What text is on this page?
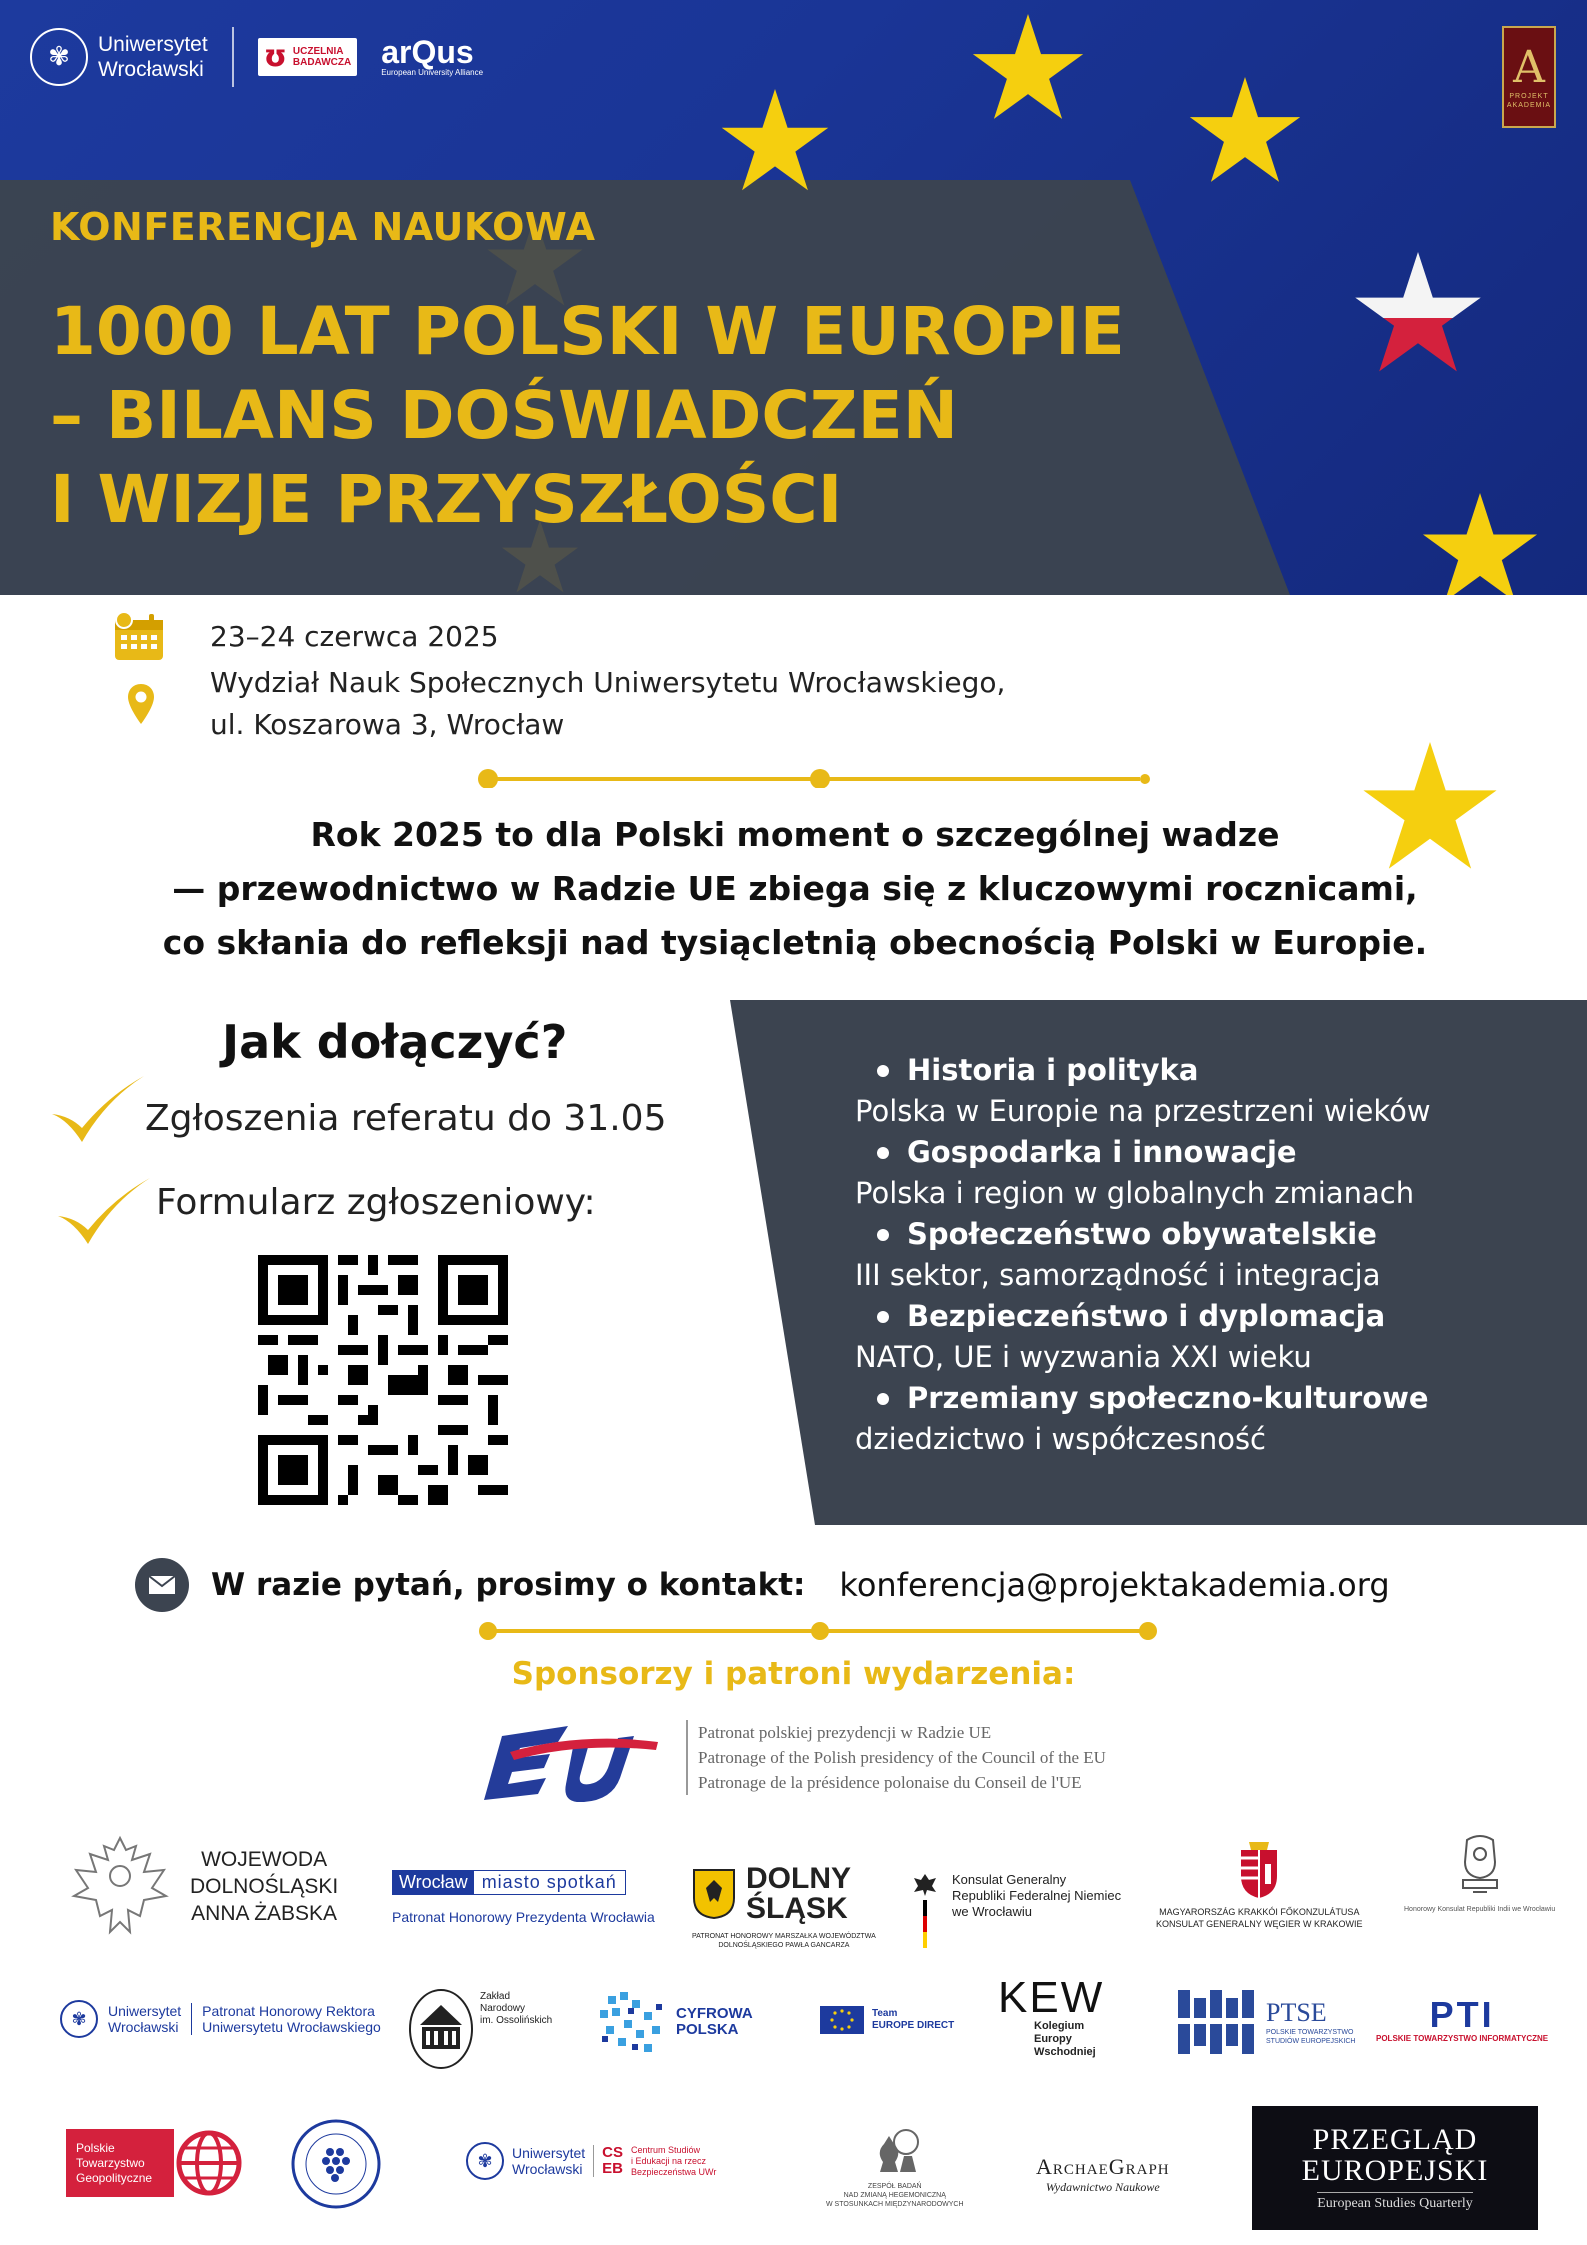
✾	Uniwersytet
Wrocławski ʊ UCZELNIA
BADAWCZA arQus
European University Alliance	A
PROJEKT AKADEMIA
KONFERENCJA NAUKOWA
1000 LAT POLSKI W EUROPIE
– BILANS DOŚWIADCZEŃ
I WIZJE PRZYSZŁOŚCI
23–24 czerwca 2025
Wydział Nauk Społecznych Uniwersytetu Wrocławskiego,
ul. Koszarowa 3, Wrocław
Rok 2025 to dla Polski moment o szczególnej wadze
— przewodnictwo w Radzie UE zbiega się z kluczowymi rocznicami,
co skłania do refleksji nad tysiącletnią obecnością Polski w Europie.
Jak dołączyć?
Zgłoszenia referatu do 31.05
Formularz zgłoszeniowy:
Historia i polityka
Polska w Europie na przestrzeni wieków
Gospodarka i innowacje
Polska i region w globalnych zmianach
Społeczeństwo obywatelskie
III sektor, samorządność i integracja
Bezpieczeństwo i dyplomacja
NATO, UE i wyzwania XXI wieku
Przemiany społeczno-kulturowe
dziedzictwo i współczesność
W razie pytań, prosimy o kontakt: konferencja@projektakademia.org
Sponsorzy i patroni wydarzenia:
Patronat polskiej prezydencji w Radzie UE
Patronage of the Polish presidency of the Council of the EU
Patronage de la présidence polonaise du Conseil de l'UE
WOJEWODA
DOLNOŚLĄSKI
ANNA ŻABSKA
Wrocław miasto spotkań
Patronat Honorowy Prezydenta Wrocławia
DOLNY
ŚLĄSK
PATRONAT HONOROWY MARSZAŁKA WOJEWÓDZTWA
DOLNOŚLĄSKIEGO PAWŁA GANCARZA
Konsulat Generalny
Republiki Federalnej Niemiec
we Wrocławiu	MAGYARORSZÁG KRAKKÓI FŐKONZULÁTUSA
KONSULAT GENERALNY WĘGIER W KRAKOWIE
Honorowy Konsulat Republiki Indii we Wrocławiu
✾	Uniwersytet
Wrocławski
Patronat Honorowy Rektora
Uniwersytetu Wrocławskiego
Zakład
Narodowy
im. Ossolińskich	CYFROWA
POLSKA
Team
EUROPE DIRECT
KEW
Kolegium
Europy
Wschodniej
PTSE
POLSKIE TOWARZYSTWO
STUDIÓW EUROPEJSKICH
PTI
POLSKIE TOWARZYSTWO INFORMATYCZNE
Polskie
Towarzystwo
Geopolityczne
✾	Uniwersytet
Wrocławski
CS
EB
Centrum Studiów
i Edukacji na rzecz
Bezpieczeństwa UWr
ZESPÓŁ BADAŃ
NAD ZMIANĄ HEGEMONICZNĄ
W STOSUNKACH MIĘDZYNARODOWYCH
ArchaeGraph
Wydawnictwo Naukowe
PRZEGLĄD
EUROPEJSKI
European Studies Quarterly
